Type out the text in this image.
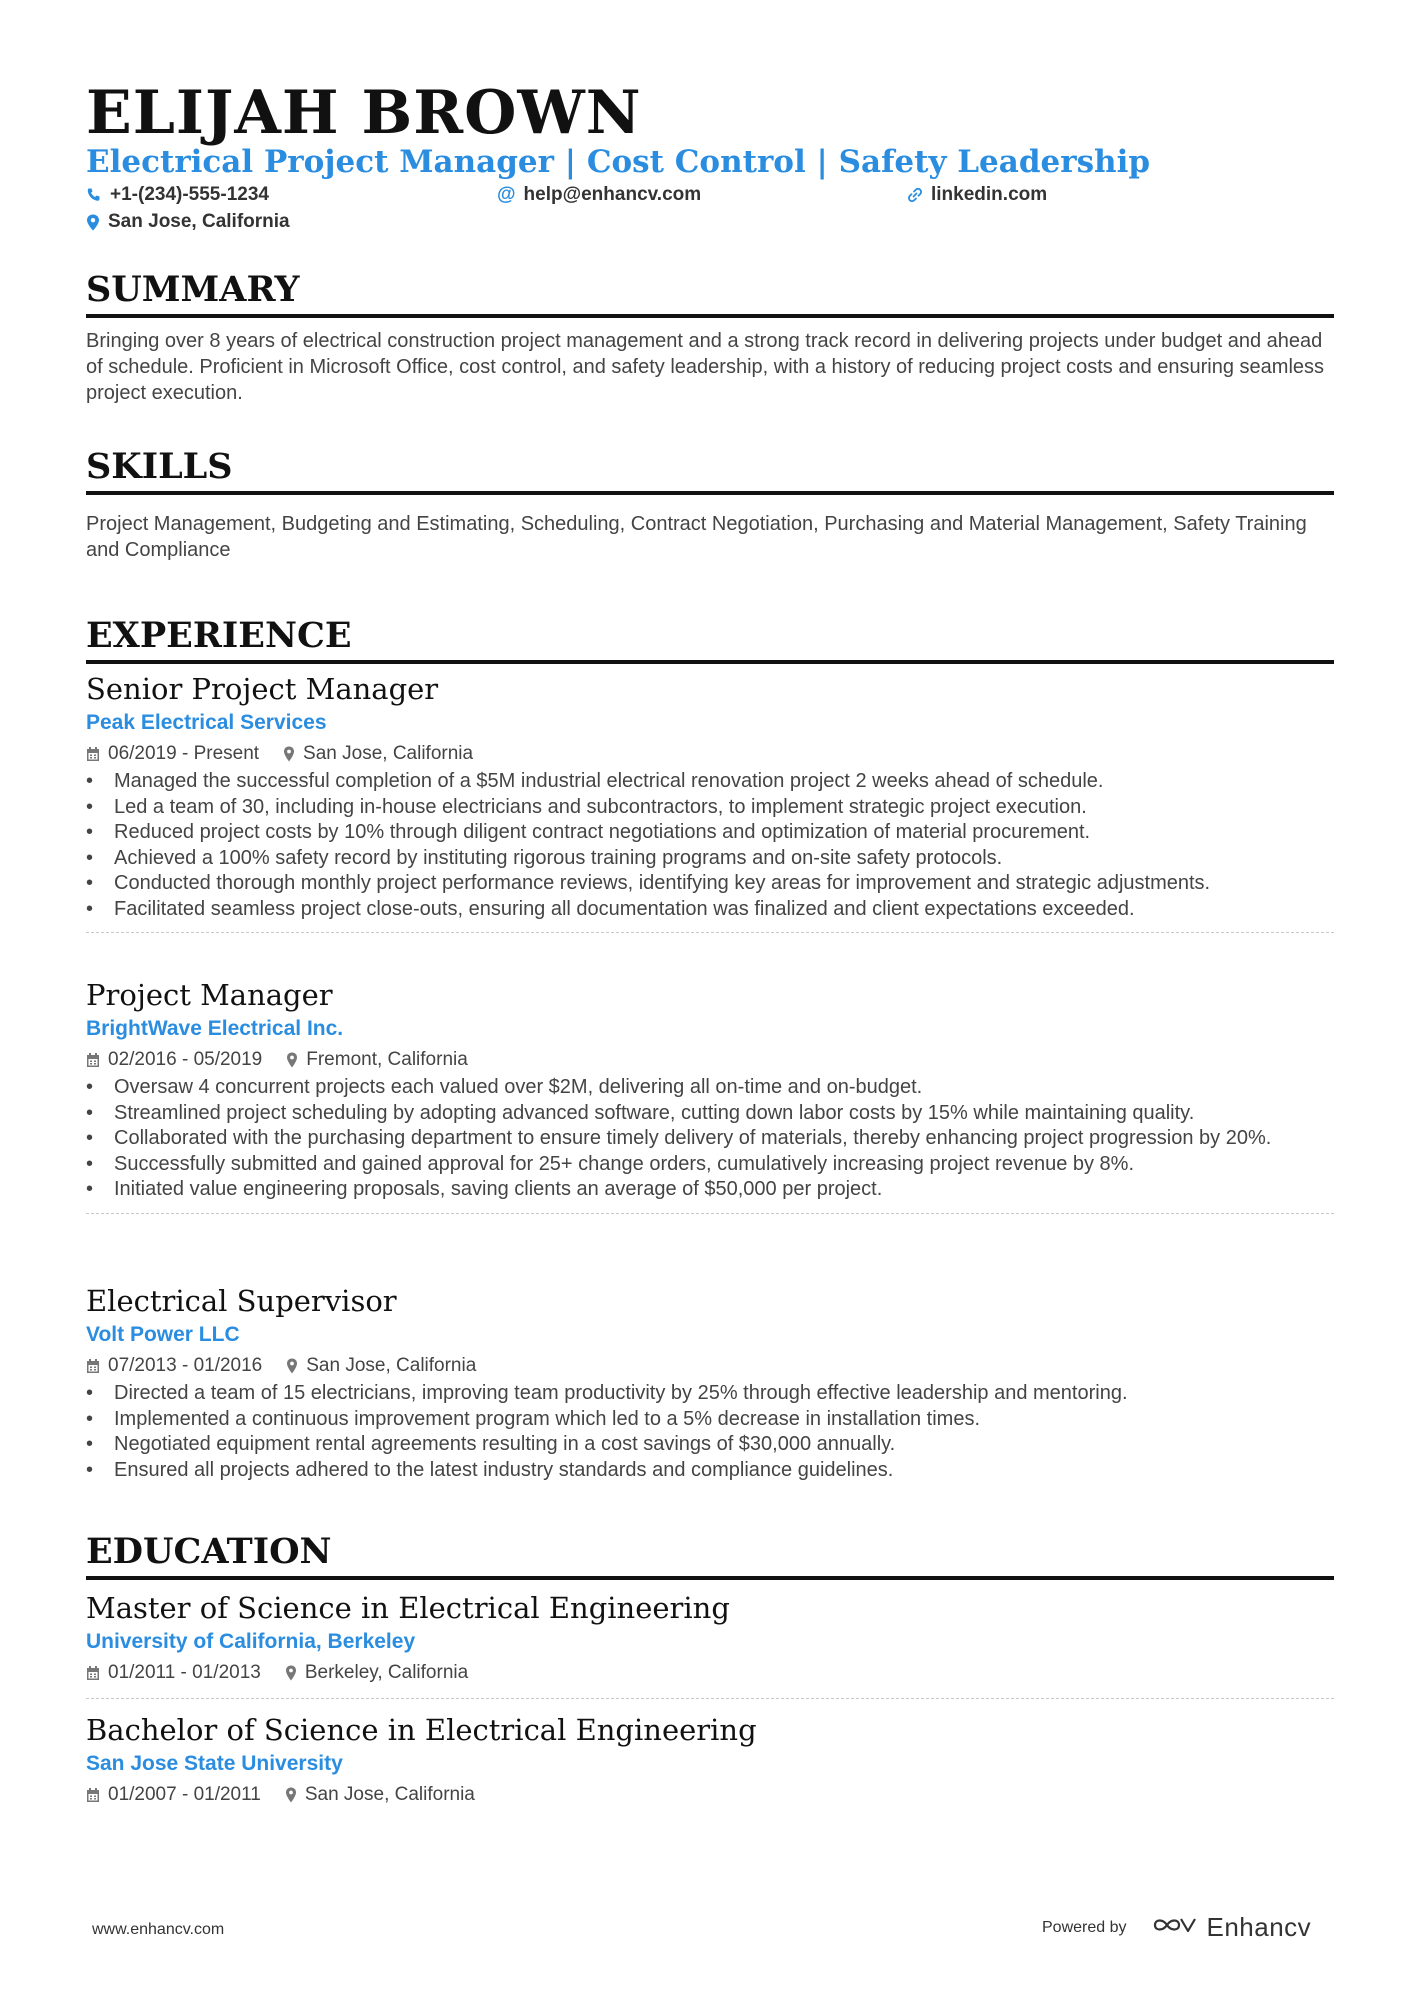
ELIJAH BROWN
Electrical Project Manager | Cost Control | Safety Leadership
+1-(234)-555-1234	@ help@enhancv.com	linkedin.com
San Jose, California
SUMMARY

Bringing over 8 years of electrical construction project management and a strong track record in delivering projects under budget and ahead of schedule. Proficient in Microsoft Office, cost control, and safety leadership, with a history of reducing project costs and ensuring seamless project execution.

SKILLS

Project Management, Budgeting and Estimating, Scheduling, Contract Negotiation, Purchasing and Material Management, Safety Training and Compliance

EXPERIENCE

Senior Project Manager

Peak Electrical Services

06/2019 - Present San Jose, California
• Managed the successful completion of a $5M industrial electrical renovation project 2 weeks ahead of schedule.
• Led a team of 30, including in-house electricians and subcontractors, to implement strategic project execution.
• Reduced project costs by 10% through diligent contract negotiations and optimization of material procurement.
• Achieved a 100% safety record by instituting rigorous training programs and on-site safety protocols.
• Conducted thorough monthly project performance reviews, identifying key areas for improvement and strategic adjustments.
• Facilitated seamless project close-outs, ensuring all documentation was finalized and client expectations exceeded.

Project Manager

BrightWave Electrical Inc.

02/2016 - 05/2019 Fremont, California
• Oversaw 4 concurrent projects each valued over $2M, delivering all on-time and on-budget.
• Streamlined project scheduling by adopting advanced software, cutting down labor costs by 15% while maintaining quality.
• Collaborated with the purchasing department to ensure timely delivery of materials, thereby enhancing project progression by 20%.
• Successfully submitted and gained approval for 25+ change orders, cumulatively increasing project revenue by 8%.
• Initiated value engineering proposals, saving clients an average of $50,000 per project.

Electrical Supervisor

Volt Power LLC

07/2013 - 01/2016 San Jose, California
• Directed a team of 15 electricians, improving team productivity by 25% through effective leadership and mentoring.
• Implemented a continuous improvement program which led to a 5% decrease in installation times.
• Negotiated equipment rental agreements resulting in a cost savings of $30,000 annually.
• Ensured all projects adhered to the latest industry standards and compliance guidelines.
EDUCATION

Master of Science in Electrical Engineering

University of California, Berkeley

01/2011 - 01/2013 Berkeley, California

Bachelor of Science in Electrical Engineering

San Jose State University

01/2007 - 01/2011 San Jose, California
www.enhancv.com	Powered by	Enhancv
